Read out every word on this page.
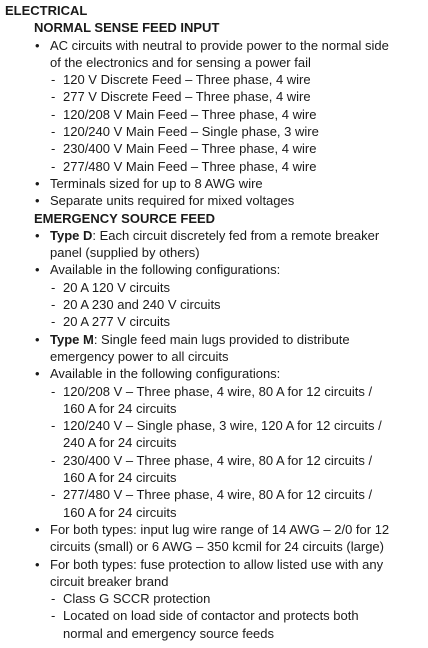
ELECTRICAL
NORMAL SENSE FEED INPUT
• AC circuits with neutral to provide power to the normal side
of the electronics and for sensing a power fail
- 120 V Discrete Feed – Three phase, 4 wire
- 277 V Discrete Feed – Three phase, 4 wire
- 120/208 V Main Feed – Three phase, 4 wire
- 120/240 V Main Feed – Single phase, 3 wire
- 230/400 V Main Feed – Three phase, 4 wire
- 277/480 V Main Feed – Three phase, 4 wire
• Terminals sized for up to 8 AWG wire
• Separate units required for mixed voltages
EMERGENCY SOURCE FEED
• Type D: Each circuit discretely fed from a remote breaker
panel (supplied by others)
• Available in the following configurations:
- 20 A 120 V circuits
- 20 A 230 and 240 V circuits
- 20 A 277 V circuits
• Type M: Single feed main lugs provided to distribute
emergency power to all circuits
• Available in the following configurations:
- 120/208 V – Three phase, 4 wire, 80 A for 12 circuits /
160 A for 24 circuits
- 120/240 V – Single phase, 3 wire, 120 A for 12 circuits /
240 A for 24 circuits
- 230/400 V – Three phase, 4 wire, 80 A for 12 circuits /
160 A for 24 circuits
- 277/480 V – Three phase, 4 wire, 80 A for 12 circuits /
160 A for 24 circuits
• For both types: input lug wire range of 14 AWG – 2/0 for 12
circuits (small) or 6 AWG – 350 kcmil for 24 circuits (large)
• For both types: fuse protection to allow listed use with any
circuit breaker brand
- Class G SCCR protection
- Located on load side of contactor and protects both
normal and emergency source feeds
